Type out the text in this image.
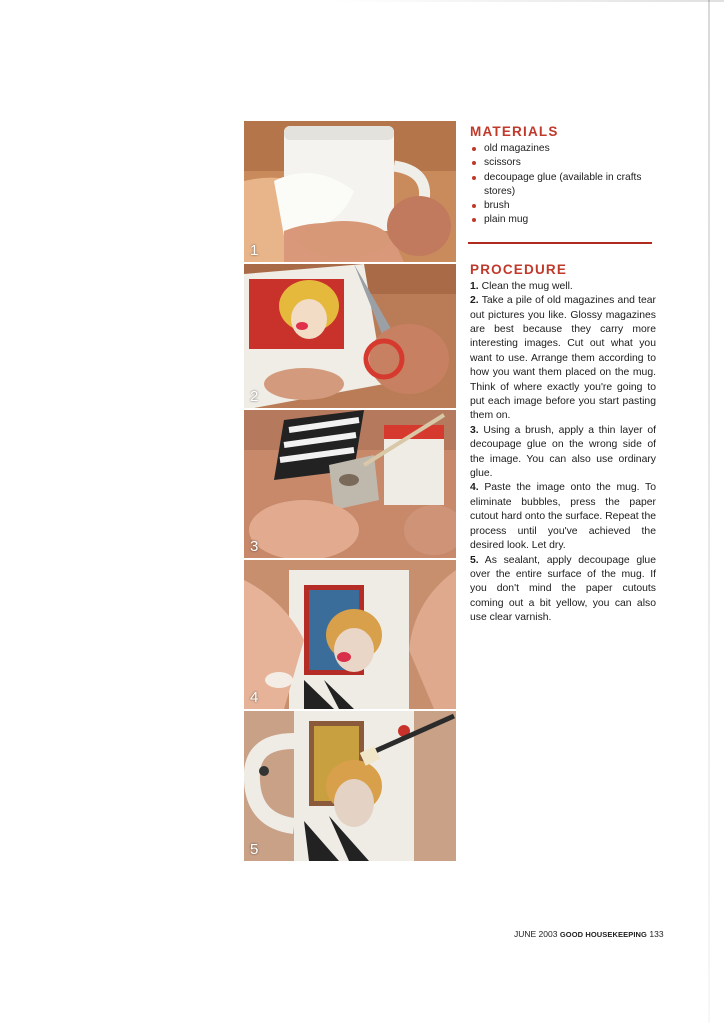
1
2
3
4
5
MATERIALS
old magazines
scissors
decoupage glue (available in crafts stores)
brush
plain mug
PROCEDURE

1. Clean the mug well.

2. Take a pile of old magazines and tear out pictures you like. Glossy magazines are best because they carry more interesting images. Cut out what you want to use. Arrange them according to how you want them placed on the mug. Think of where exactly you're going to put each image before you start pasting them on.

3. Using a brush, apply a thin layer of decoupage glue on the wrong side of the image. You can also use ordinary glue.

4. Paste the image onto the mug. To eliminate bubbles, press the paper cutout hard onto the surface. Repeat the process until you've achieved the desired look. Let dry.

5. As sealant, apply decoupage glue over the entire surface of the mug. If you don't mind the paper cutouts coming out a bit yellow, you can also use clear varnish.

JUNE 2003 GOOD HOUSEKEEPING 133
